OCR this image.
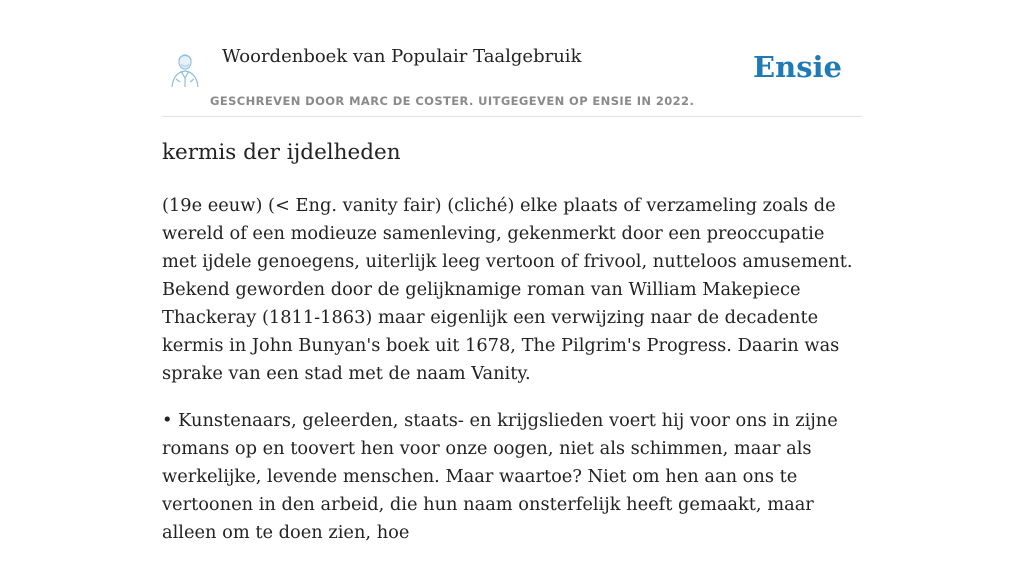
Woordenboek van Populair Taalgebruik
GESCHREVEN DOOR MARC DE COSTER. UITGEGEVEN OP ENSIE IN 2022.
Ensie
kermis der ijdelheden

(19e eeuw) (< Eng. vanity fair) (cliché) elke plaats of verzameling zoals de wereld of een modieuze samenleving, gekenmerkt door een preoccupatie met ijdele genoegens, uiterlijk leeg vertoon of frivool, nutteloos amusement. Bekend geworden door de gelijknamige roman van William Makepiece Thackeray (1811-1863) maar eigenlijk een verwijzing naar de decadente kermis in John Bunyan's boek uit 1678, The Pilgrim's Progress. Daarin was sprake van een stad met de naam Vanity.

• Kunstenaars, geleerden, staats- en krijgslieden voert hij voor ons in zijne romans op en toovert hen voor onze oogen, niet als schimmen, maar als werkelijke, levende menschen. Maar waartoe? Niet om hen aan ons te vertoonen in den arbeid, die hun naam onsterfelijk heeft gemaakt, maar alleen om te doen zien, hoe
